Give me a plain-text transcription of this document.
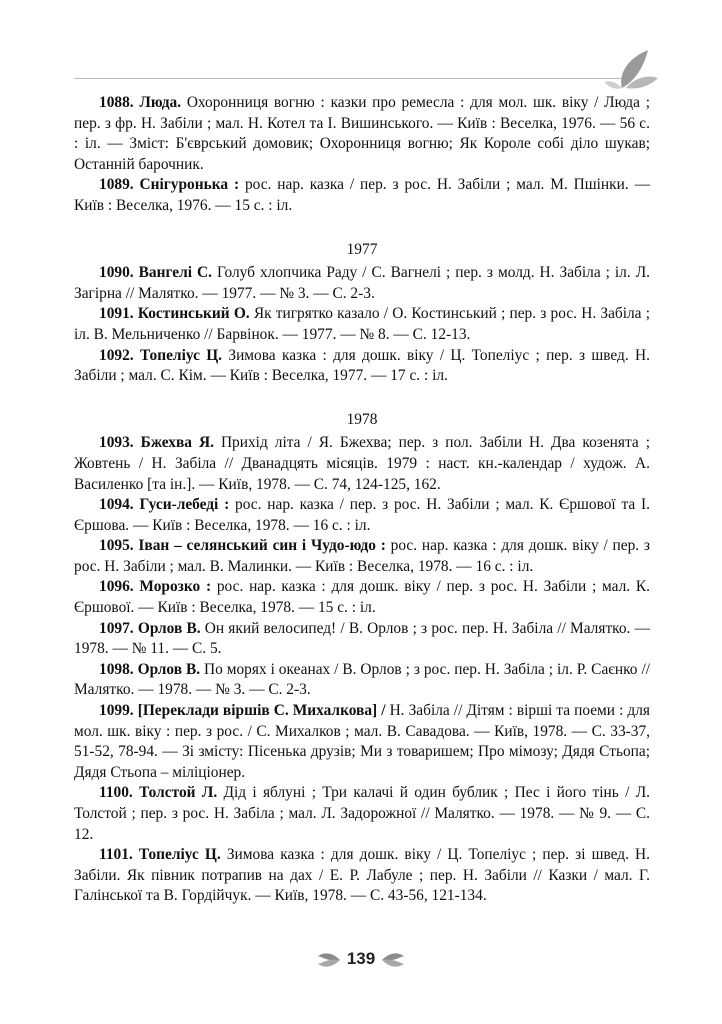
1088. Люда. Охоронниця вогню : казки про ремесла : для мол. шк. віку / Люда ; пер. з фр. Н. Забіли ; мал. Н. Котел та І. Вишинського. — Київ : Веселка, 1976. — 56 с. : іл. — Зміст: Б'єврський домовик; Охоронниця вогню; Як Короле собі діло шукав; Останній барочник.

1089. Снігуронька : рос. нар. казка / пер. з рос. Н. Забіли ; мал. М. Пшінки. — Київ : Веселка, 1976. — 15 с. : іл.

1977

1090. Вангелі С. Голуб хлопчика Раду / С. Вагнелі ; пер. з молд. Н. Забіла ; іл. Л. Загірна // Малятко. — 1977. — № 3. — С. 2-3.

1091. Костинський О. Як тигрятко казало / О. Костинський ; пер. з рос. Н. Забіла ; іл. В. Мельниченко // Барвінок. — 1977. — № 8. — С. 12-13.

1092. Топеліус Ц. Зимова казка : для дошк. віку / Ц. Топеліус ; пер. з швед. Н. Забіли ; мал. С. Кім. — Київ : Веселка, 1977. — 17 с. : іл.

1978

1093. Бжехва Я. Прихід літа / Я. Бжехва; пер. з пол. Забіли Н. Два козенята ; Жовтень / Н. Забіла // Дванадцять місяців. 1979 : наст. кн.-календар / худож. А. Василенко [та ін.]. — Київ, 1978. — С. 74, 124-125, 162.

1094. Гуси-лебеді : рос. нар. казка / пер. з рос. Н. Забіли ; мал. К. Єршової та І. Єршова. — Київ : Веселка, 1978. — 16 с. : іл.

1095. Іван – селянський син і Чудо-юдо : рос. нар. казка : для дошк. віку / пер. з рос. Н. Забіли ; мал. В. Малинки. — Київ : Веселка, 1978. — 16 с. : іл.

1096. Морозко : рос. нар. казка : для дошк. віку / пер. з рос. Н. Забіли ; мал. К. Єршової. — Київ : Веселка, 1978. — 15 с. : іл.

1097. Орлов В. Он який велосипед! / В. Орлов ; з рос. пер. Н. Забіла // Малятко. — 1978. — № 11. — С. 5.

1098. Орлов В. По морях і океанах / В. Орлов ; з рос. пер. Н. Забіла ; іл. Р. Саєнко // Малятко. — 1978. — № 3. — С. 2-3.

1099. [Переклади віршів С. Михалкова] / Н. Забіла // Дітям : вірші та поеми : для мол. шк. віку : пер. з рос. / С. Михалков ; мал. В. Савадова. — Київ, 1978. — С. 33-37, 51-52, 78-94. — Зі змісту: Пісенька друзів; Ми з товаришем; Про мімозу; Дядя Стьопа; Дядя Стьопа – міліціонер.

1100. Толстой Л. Дід і яблуні ; Три калачі й один бублик ; Пес і його тінь / Л. Толстой ; пер. з рос. Н. Забіла ; мал. Л. Задорожної // Малятко. — 1978. — № 9. — С. 12.

1101. Топеліус Ц. Зимова казка : для дошк. віку / Ц. Топеліус ; пер. зі швед. Н. Забіли. Як півник потрапив на дах / Е. Р. Лабуле ; пер. Н. Забіли // Казки / мал. Г. Галінської та В. Гордійчук. — Київ, 1978. — С. 43-56, 121-134.

139
